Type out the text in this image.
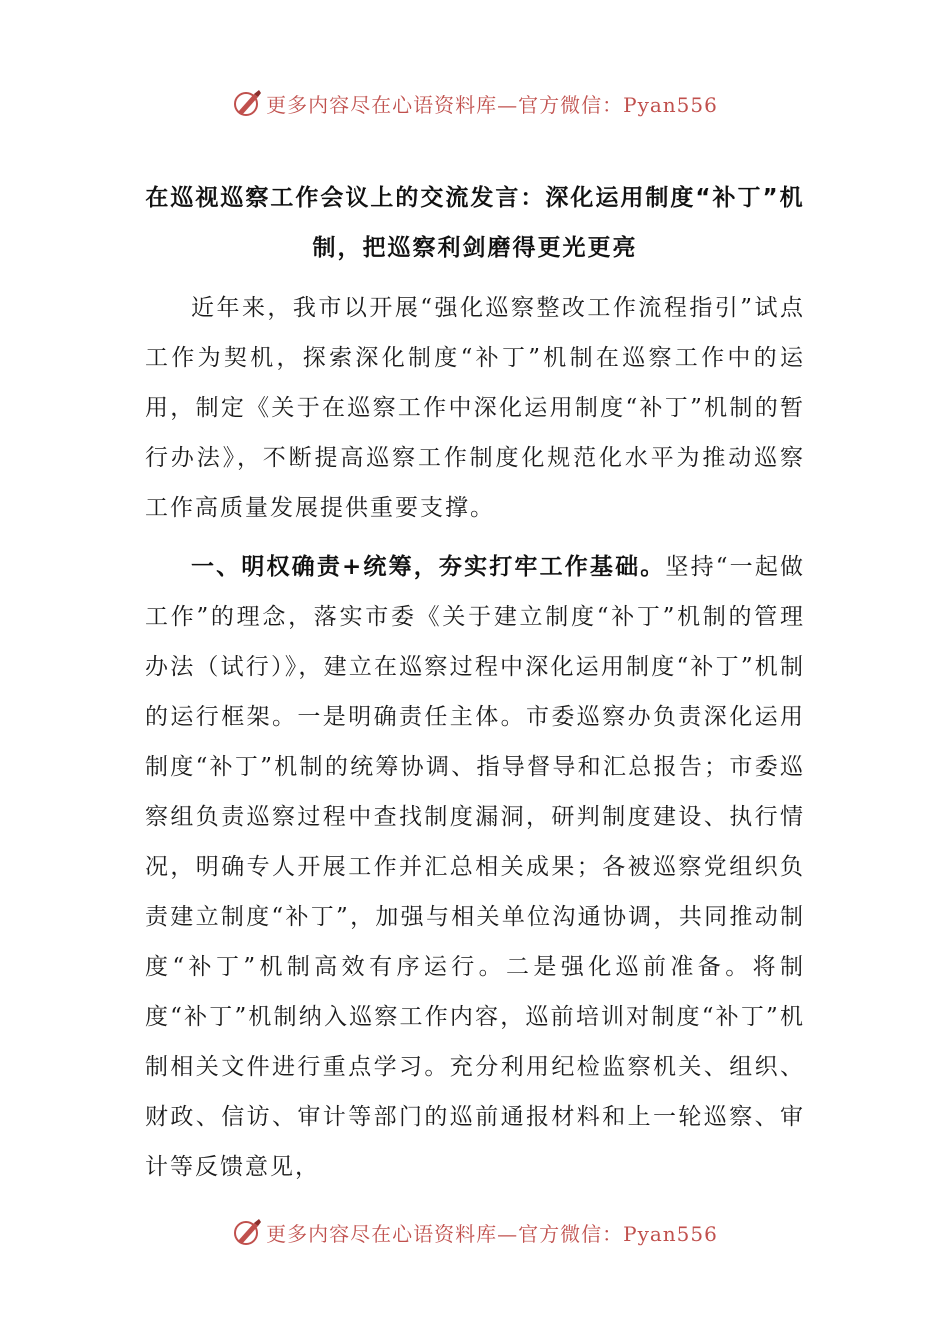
更多内容尽在心语资料库—官方微信：Pyan556
在巡视巡察工作会议上的交流发言：深化运用制度“补丁”机制，把巡察利剑磨得更光更亮

近年来，我市以开展“强化巡察整改工作流程指引”试点工作为契机，探索深化制度“补丁”机制在巡察工作中的运用，制定《关于在巡察工作中深化运用制度“补丁”机制的暂行办法》，不断提高巡察工作制度化规范化水平为推动巡察工作高质量发展提供重要支撑。

一、明权确责+统筹，夯实打牢工作基础。坚持“一起做工作”的理念，落实市委《关于建立制度“补丁”机制的管理办法（试行）》，建立在巡察过程中深化运用制度“补丁”机制的运行框架。一是明确责任主体。市委巡察办负责深化运用制度“补丁”机制的统筹协调、指导督导和汇总报告；市委巡察组负责巡察过程中查找制度漏洞，研判制度建设、执行情况，明确专人开展工作并汇总相关成果；各被巡察党组织负责建立制度“补丁”，加强与相关单位沟通协调，共同推动制度“补丁”机制高效有序运行。二是强化巡前准备。将制度“补丁”机制纳入巡察工作内容，巡前培训对制度“补丁”机制相关文件进行重点学习。充分利用纪检监察机关、组织、财政、信访、审计等部门的巡前通报材料和上一轮巡察、审计等反馈意见，

更多内容尽在心语资料库—官方微信：Pyan556
